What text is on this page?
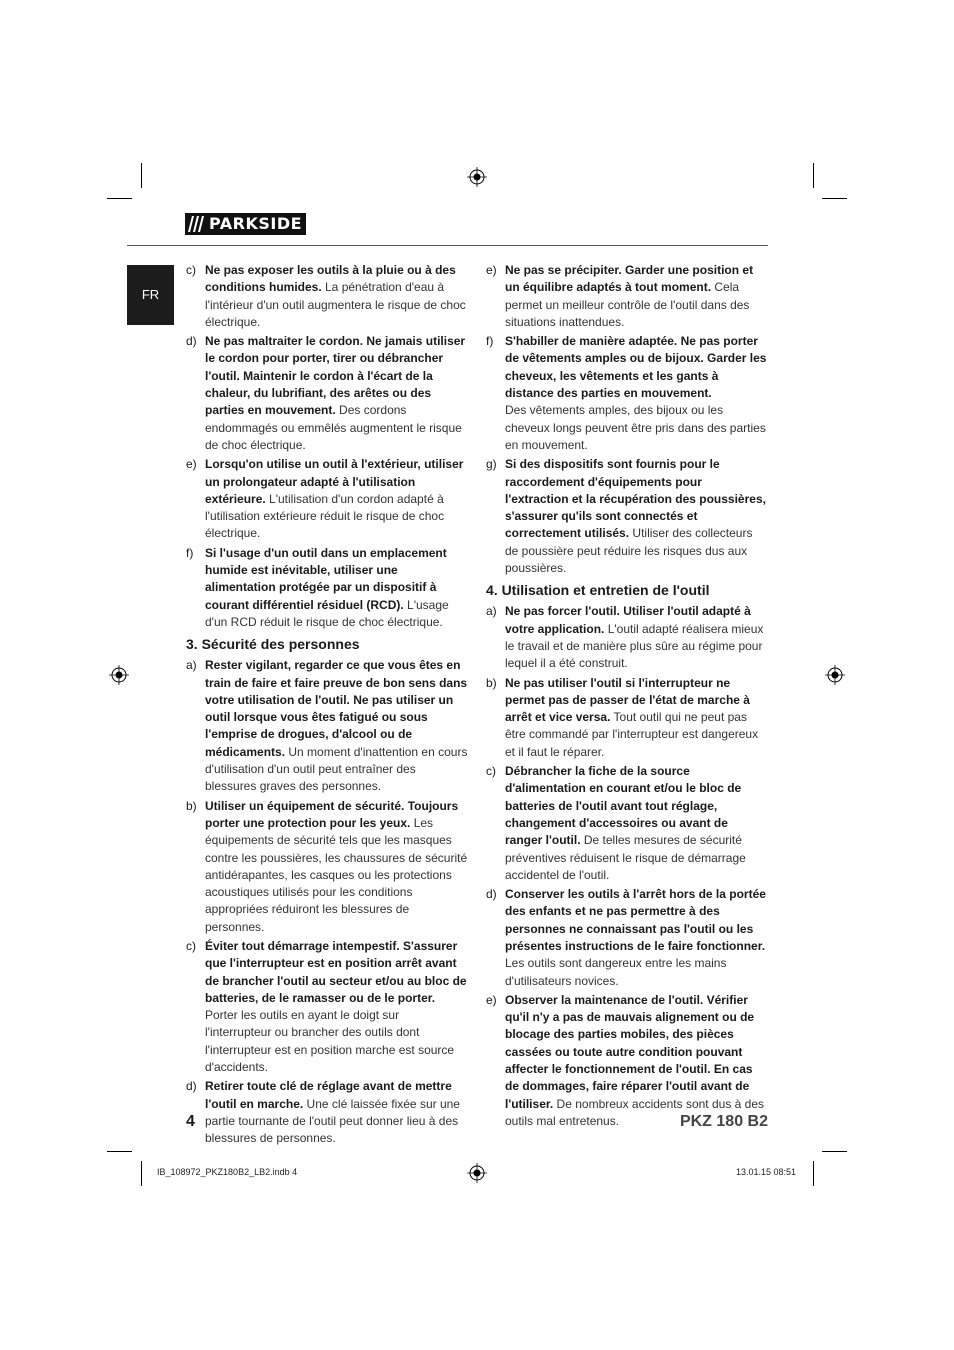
PARKSIDE
FR
c) Ne pas exposer les outils à la pluie ou à des conditions humides. La pénétration d'eau à l'intérieur d'un outil augmentera le risque de choc électrique.
d) Ne pas maltraiter le cordon. Ne jamais utiliser le cordon pour porter, tirer ou débrancher l'outil. Maintenir le cordon à l'écart de la chaleur, du lubrifiant, des arêtes ou des parties en mouvement. Des cordons endommagés ou emmêlés augmentent le risque de choc électrique.
e) Lorsqu'on utilise un outil à l'extérieur, utiliser un prolongateur adapté à l'utilisation extérieure. L'utilisation d'un cordon adapté à l'utilisation extérieure réduit le risque de choc électrique.
f) Si l'usage d'un outil dans un emplacement humide est inévitable, utiliser une alimentation protégée par un dispositif à courant différentiel résiduel (RCD). L'usage d'un RCD réduit le risque de choc électrique.
3. Sécurité des personnes
a) Rester vigilant, regarder ce que vous êtes en train de faire et faire preuve de bon sens dans votre utilisation de l'outil. Ne pas utiliser un outil lorsque vous êtes fatigué ou sous l'emprise de drogues, d'alcool ou de médicaments. Un moment d'inattention en cours d'utilisation d'un outil peut entraîner des blessures graves des personnes.
b) Utiliser un équipement de sécurité. Toujours porter une protection pour les yeux. Les équipements de sécurité tels que les masques contre les poussières, les chaussures de sécurité antidérapantes, les casques ou les protections acoustiques utilisés pour les conditions appropriées réduiront les blessures de personnes.
c) Éviter tout démarrage intempestif. S'assurer que l'interrupteur est en position arrêt avant de brancher l'outil au secteur et/ou au bloc de batteries, de le ramasser ou de le porter. Porter les outils en ayant le doigt sur l'interrupteur ou brancher des outils dont l'interrupteur est en position marche est source d'accidents.
d) Retirer toute clé de réglage avant de mettre l'outil en marche. Une clé laissée fixée sur une partie tournante de l'outil peut donner lieu à des blessures de personnes.
e) Ne pas se précipiter. Garder une position et un équilibre adaptés à tout moment. Cela permet un meilleur contrôle de l'outil dans des situations inattendues.
f) S'habiller de manière adaptée. Ne pas porter de vêtements amples ou de bijoux. Garder les cheveux, les vêtements et les gants à distance des parties en mouvement.
Des vêtements amples, des bijoux ou les cheveux longs peuvent être pris dans des parties en mouvement.
g) Si des dispositifs sont fournis pour le raccordement d'équipements pour l'extraction et la récupération des poussières, s'assurer qu'ils sont connectés et correctement utilisés. Utiliser des collecteurs de poussière peut réduire les risques dus aux poussières.
4. Utilisation et entretien de l'outil
a) Ne pas forcer l'outil. Utiliser l'outil adapté à votre application. L'outil adapté réalisera mieux le travail et de manière plus sûre au régime pour lequel il a été construit.
b) Ne pas utiliser l'outil si l'interrupteur ne permet pas de passer de l'état de marche à arrêt et vice versa. Tout outil qui ne peut pas être commandé par l'interrupteur est dangereux et il faut le réparer.
c) Débrancher la fiche de la source d'alimentation en courant et/ou le bloc de batteries de l'outil avant tout réglage, changement d'accessoires ou avant de ranger l'outil. De telles mesures de sécurité préventives réduisent le risque de démarrage accidentel de l'outil.
d) Conserver les outils à l'arrêt hors de la portée des enfants et ne pas permettre à des personnes ne connaissant pas l'outil ou les présentes instructions de le faire fonctionner. Les outils sont dangereux entre les mains d'utilisateurs novices.
e) Observer la maintenance de l'outil. Vérifier qu'il n'y a pas de mauvais alignement ou de blocage des parties mobiles, des pièces cassées ou toute autre condition pouvant affecter le fonctionnement de l'outil. En cas de dommages, faire réparer l'outil avant de l'utiliser. De nombreux accidents sont dus à des outils mal entretenus.
4	PKZ 180 B2
IB_108972_PKZ180B2_LB2.indb 4	13.01.15 08:51
